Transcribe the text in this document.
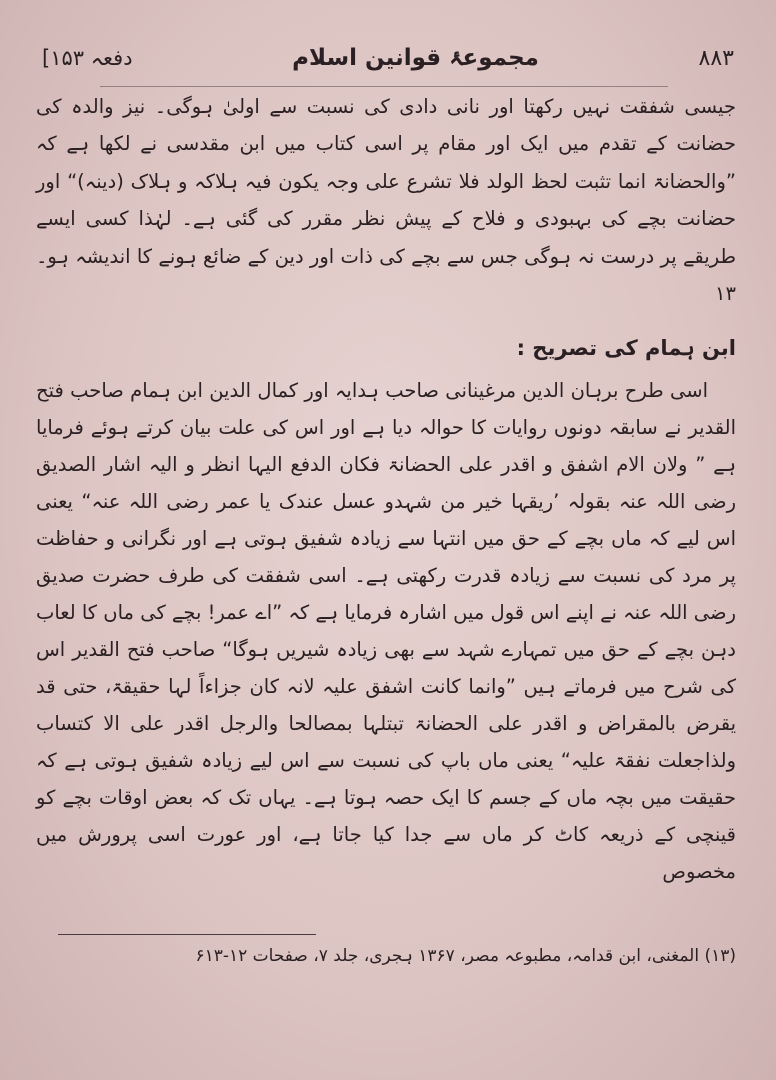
[دفعہ ۱۵۳	مجموعۂ قوانین اسلام	۸۸۳

جیسی شفقت نہیں رکھتا اور نانی دادی کی نسبت سے اولیٰ ہوگی۔ نیز والدہ کی حضانت کے تقدم میں ایک اور مقام پر اسی کتاب میں ابن مقدسی نے لکھا ہے کہ ”والحضانۃ انما تثبت لحظ الولد فلا تشرع علی وجہ یکون فیہ ہلاکہ و ہلاک (دینہ)“ اور حضانت بچے کی بہبودی و فلاح کے پیش نظر مقرر کی گئی ہے۔ لہٰذا کسی ایسے طریقے پر درست نہ ہوگی جس سے بچے کی ذات اور دین کے ضائع ہونے کا اندیشہ ہو۔۱۳

ابن ہمام کی تصریح :

اسی طرح برہان الدین مرغینانی صاحب ہدایہ اور کمال الدین ابن ہمام صاحب فتح القدیر نے سابقہ دونوں روایات کا حوالہ دیا ہے اور اس کی علت بیان کرتے ہوئے فرمایا ہے ” ولان الام اشفق و اقدر علی الحضانۃ فکان الدفع الیہا انظر و الیہ اشار الصدیق رضی اللہ عنہ بقولہ ’ریقہا خیر من شہدو عسل عندک یا عمر رضی اللہ عنہ“ یعنی اس لیے کہ ماں بچے کے حق میں انتہا سے زیادہ شفیق ہوتی ہے اور نگرانی و حفاظت پر مرد کی نسبت سے زیادہ قدرت رکھتی ہے۔ اسی شفقت کی طرف حضرت صدیق رضی اللہ عنہ نے اپنے اس قول میں اشارہ فرمایا ہے کہ ”اے عمر! بچے کی ماں کا لعاب دہن بچے کے حق میں تمہارے شہد سے بھی زیادہ شیریں ہوگا“ صاحب فتح القدیر اس کی شرح میں فرماتے ہیں ”وانما کانت اشفق علیہ لانہ کان جزاءاً لہا حقیقۃ، حتی قد یقرض بالمقراض و اقدر علی الحضانۃ تبتلہا بمصالحا والرجل اقدر علی الا کتساب ولذاجعلت نفقۃ علیہ“ یعنی ماں باپ کی نسبت سے اس لیے زیادہ شفیق ہوتی ہے کہ حقیقت میں بچہ ماں کے جسم کا ایک حصہ ہوتا ہے۔ یہاں تک کہ بعض اوقات بچے کو قینچی کے ذریعہ کاٹ کر ماں سے جدا کیا جاتا ہے، اور عورت اسی پرورش میں مخصوص

(۱۳) المغنی، ابن قدامہ، مطبوعہ مصر، ۱۳۶۷ ہجری، جلد ۷، صفحات ۱۲-۶۱۳
